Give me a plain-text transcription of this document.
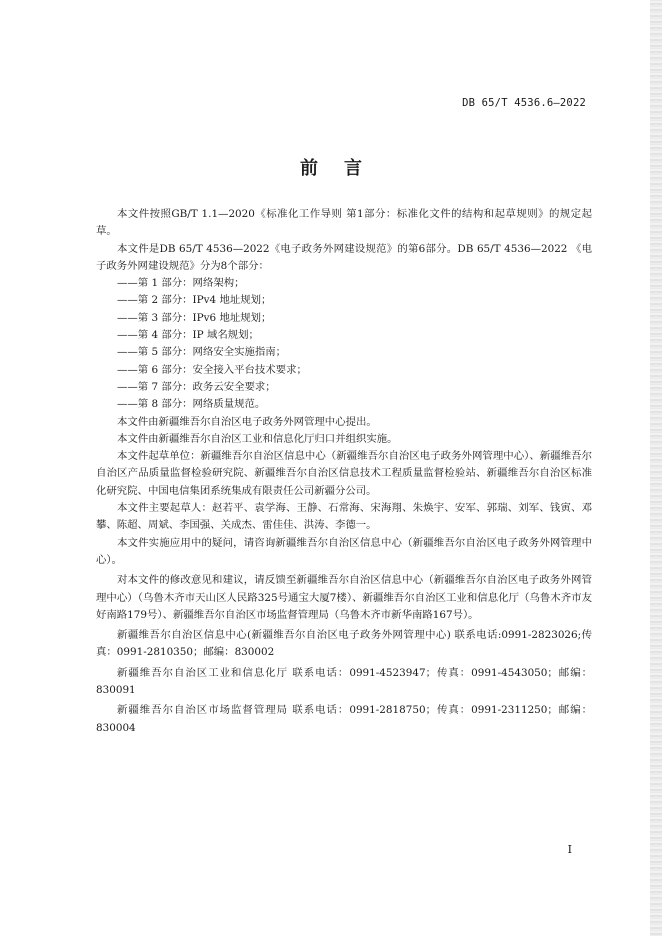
DB 65/T 4536.6—2022
前 言

本文件按照GB/T 1.1—2020《标准化工作导则 第1部分：标准化文件的结构和起草规则》的规定起草。

本文件是DB 65/T 4536—2022《电子政务外网建设规范》的第6部分。DB 65/T 4536—2022 《电子政务外网建设规范》分为8个部分：

——第 1 部分：网络架构；

——第 2 部分：IPv4 地址规划；

——第 3 部分：IPv6 地址规划；

——第 4 部分：IP 域名规划；

——第 5 部分：网络安全实施指南；

——第 6 部分：安全接入平台技术要求；

——第 7 部分：政务云安全要求；

——第 8 部分：网络质量规范。

本文件由新疆维吾尔自治区电子政务外网管理中心提出。

本文件由新疆维吾尔自治区工业和信息化厅归口并组织实施。

本文件起草单位：新疆维吾尔自治区信息中心（新疆维吾尔自治区电子政务外网管理中心）、新疆维吾尔自治区产品质量监督检验研究院、新疆维吾尔自治区信息技术工程质量监督检验站、新疆维吾尔自治区标准化研究院、中国电信集团系统集成有限责任公司新疆分公司。

本文件主要起草人：赵若平、袁学海、王静、石常海、宋海翔、朱焕宇、安军、郭瑞、刘军、钱寅、邓攀、陈超、周斌、李国强、关成杰、雷佳佳、洪涛、李德一。

本文件实施应用中的疑问，请咨询新疆维吾尔自治区信息中心（新疆维吾尔自治区电子政务外网管理中心）。

对本文件的修改意见和建议，请反馈至新疆维吾尔自治区信息中心（新疆维吾尔自治区电子政务外网管理中心）（乌鲁木齐市天山区人民路325号通宝大厦7楼）、新疆维吾尔自治区工业和信息化厅（乌鲁木齐市友好南路179号）、新疆维吾尔自治区市场监督管理局（乌鲁木齐市新华南路167号）。

新疆维吾尔自治区信息中心(新疆维吾尔自治区电子政务外网管理中心) 联系电话:0991-2823026;传真：0991-2810350；邮编：830002

新疆维吾尔自治区工业和信息化厅 联系电话：0991-4523947；传真：0991-4543050；邮编：830091

新疆维吾尔自治区市场监督管理局 联系电话：0991-2818750；传真：0991-2311250；邮编：830004

I
